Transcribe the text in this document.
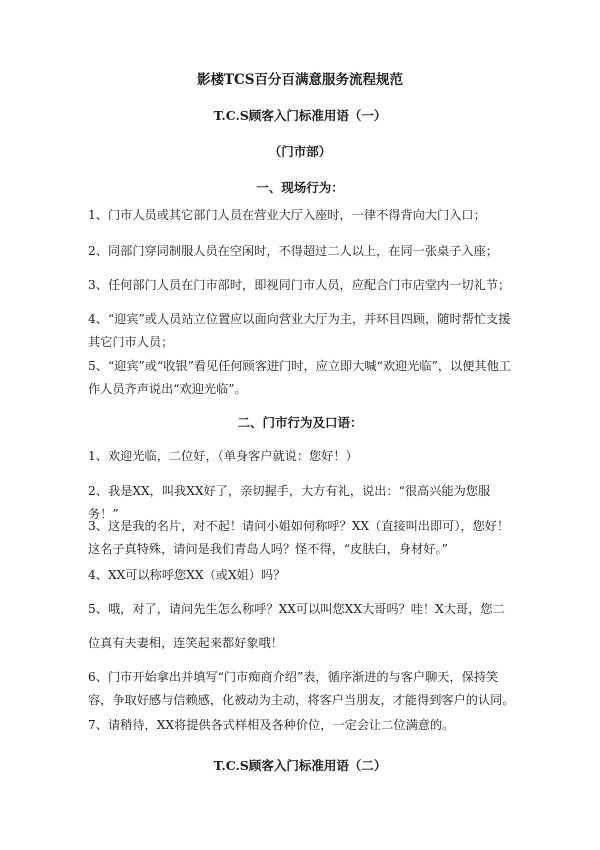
影楼TCS百分百满意服务流程规范
T.C.S顾客入门标准用语（一）
（门市部）
一、现场行为：
1、门市人员或其它部门人员在营业大厅入座时，一律不得背向大门入口；
2、同部门穿同制服人员在空闲时，不得超过二人以上，在同一张桌子入座；
3、任何部门人员在门市部时，即视同门市人员，应配合门市店堂内一切礼节；
4、“迎宾”或人员站立位置应以面向营业大厅为主，并环目四顾，随时帮忙支援其它门市人员；
5、“迎宾”或“收银”看见任何顾客进门时，应立即大喊“欢迎光临”，以便其他工作人员齐声说出“欢迎光临”。
二、门市行为及口语：
1、欢迎光临，二位好，（单身客户就说：您好！）
2、我是XX，叫我XX好了，亲切握手，大方有礼，说出：“很高兴能为您服务！”
3、这是我的名片，对不起！请问小姐如何称呼？XX（直接叫出即可），您好！这名子真特殊，请问是我们青岛人吗？怪不得，“皮肤白，身材好。”
4、XX可以称呼您XX（或X姐）吗？
5、哦，对了，请问先生怎么称呼？XX可以叫您XX大哥吗？哇！X大哥，您二
位真有夫妻相，连笑起来都好象哦！
6、门市开始拿出并填写“门市痴商介绍”表，循序渐进的与客户聊天，保持笑容，争取好感与信赖感，化被动为主动，将客户当朋友，才能得到客户的认同。
7、请稍待，XX将提供各式样相及各种价位，一定会让二位满意的。
T.C.S顾客入门标准用语（二）
